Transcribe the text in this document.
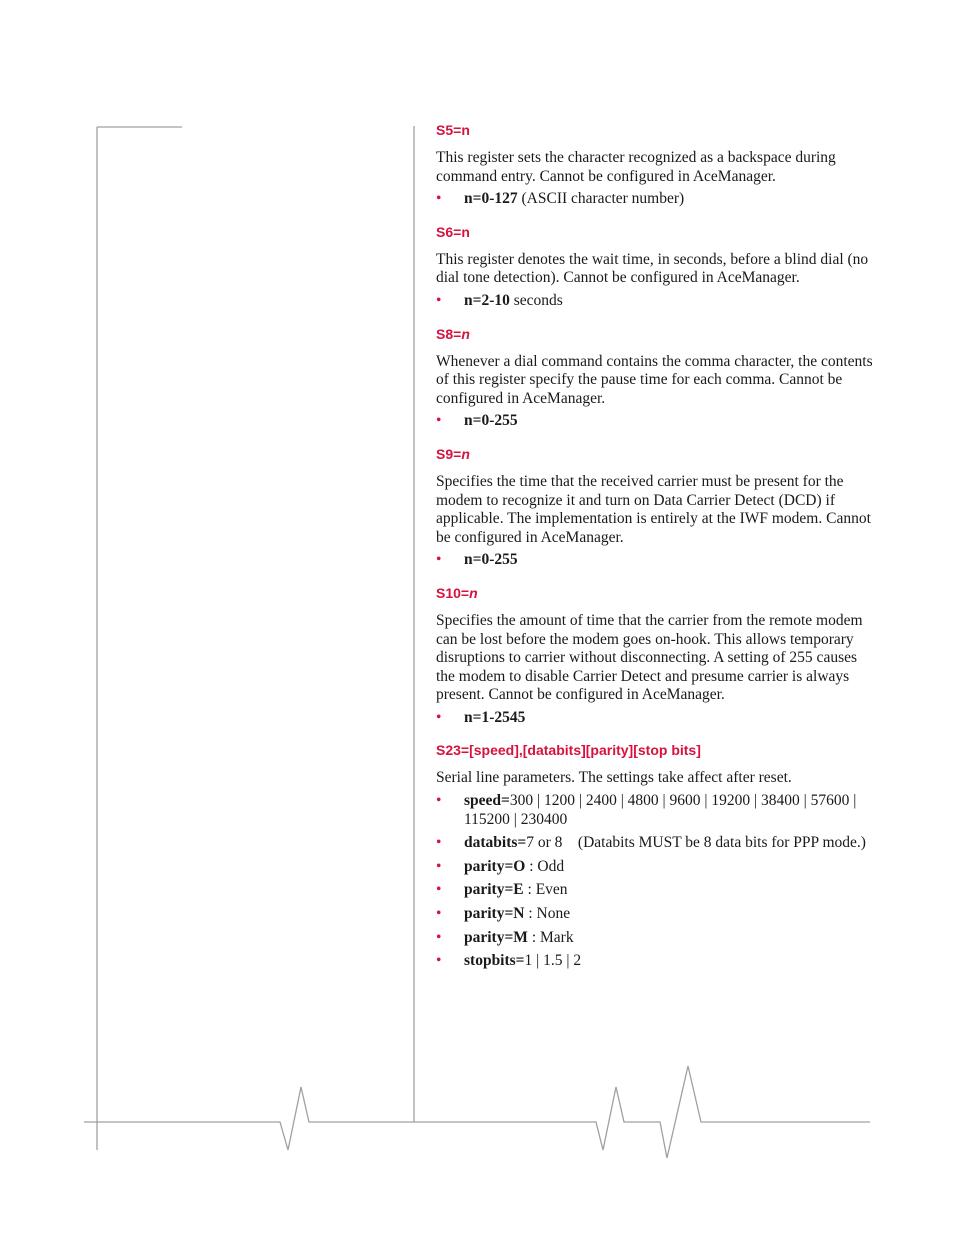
S5=n

This register sets the character recognized as a backspace during command entry. Cannot be configured in AceManager.

• n=0-127 (ASCII character number)
S6=n

This register denotes the wait time, in seconds, before a blind dial (no dial tone detection). Cannot be configured in AceManager.

• n=2-10 seconds
S8=n

Whenever a dial command contains the comma character, the contents of this register specify the pause time for each comma. Cannot be configured in AceManager.

• n=0-255
S9=n

Specifies the time that the received carrier must be present for the modem to recognize it and turn on Data Carrier Detect (DCD) if applicable. The implementation is entirely at the IWF modem. Cannot be configured in AceManager.

• n=0-255
S10=n

Specifies the amount of time that the carrier from the remote modem can be lost before the modem goes on-hook. This allows temporary disruptions to carrier without disconnecting. A setting of 255 causes the modem to disable Carrier Detect and presume carrier is always present. Cannot be configured in AceManager.

• n=1-2545
S23=[speed],[databits][parity][stop bits]

Serial line parameters. The settings take affect after reset.

• speed=300 | 1200 | 2400 | 4800 | 9600 | 19200 | 38400 | 57600 | 115200 | 230400
• databits=7 or 8    (Databits MUST be 8 data bits for PPP mode.)
• parity=O : Odd
• parity=E : Even
• parity=N : None
• parity=M : Mark
• stopbits=1 | 1.5 | 2
